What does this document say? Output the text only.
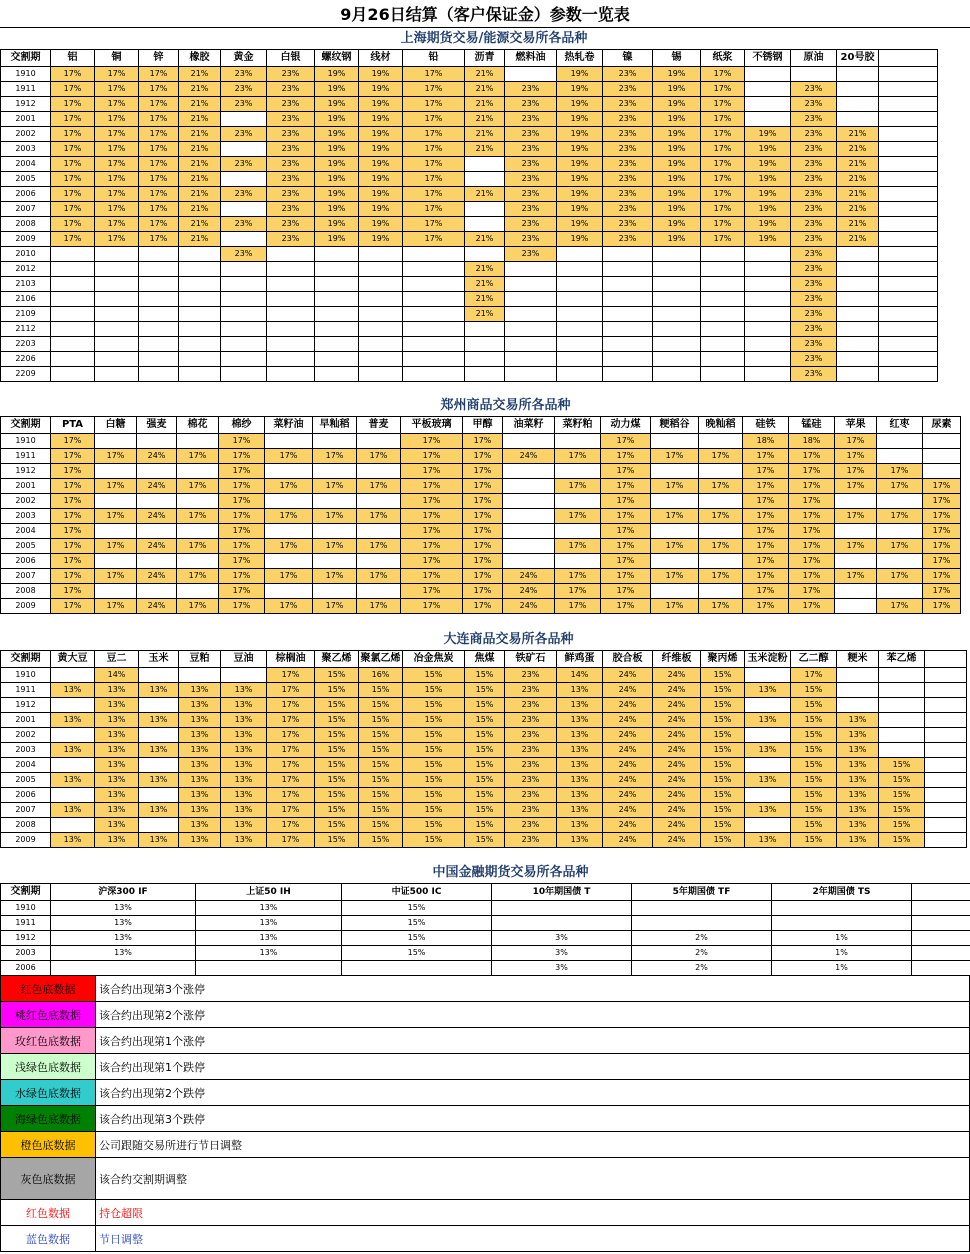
9月26日结算（客户保证金）参数一览表
	上海期货交易/能源交易所各品种																		
交割期	铝	铜	锌	橡胶	黄金	白银	螺纹钢	线材	铅	沥青	燃料油	热轧卷	镍	锡	纸浆	不锈钢	原油	20号胶	
1910	17%	17%	17%	21%	23%	23%	19%	19%	17%	21%		19%	23%	19%	17%				
1911	17%	17%	17%	21%	23%	23%	19%	19%	17%	21%	23%	19%	23%	19%	17%		23%		
1912	17%	17%	17%	21%	23%	23%	19%	19%	17%	21%	23%	19%	23%	19%	17%		23%		
2001	17%	17%	17%	21%		23%	19%	19%	17%	21%	23%	19%	23%	19%	17%		23%		
2002	17%	17%	17%	21%	23%	23%	19%	19%	17%	21%	23%	19%	23%	19%	17%	19%	23%	21%	
2003	17%	17%	17%	21%		23%	19%	19%	17%	21%	23%	19%	23%	19%	17%	19%	23%	21%	
2004	17%	17%	17%	21%	23%	23%	19%	19%	17%		23%	19%	23%	19%	17%	19%	23%	21%	
2005	17%	17%	17%	21%		23%	19%	19%	17%		23%	19%	23%	19%	17%	19%	23%	21%	
2006	17%	17%	17%	21%	23%	23%	19%	19%	17%	21%	23%	19%	23%	19%	17%	19%	23%	21%	
2007	17%	17%	17%	21%		23%	19%	19%	17%		23%	19%	23%	19%	17%	19%	23%	21%	
2008	17%	17%	17%	21%	23%	23%	19%	19%	17%		23%	19%	23%	19%	17%	19%	23%	21%	
2009	17%	17%	17%	21%		23%	19%	19%	17%	21%	23%	19%	23%	19%	17%	19%	23%	21%	
2010					23%						23%						23%		
2012										21%							23%		
2103										21%							23%		
2106										21%							23%		
2109										21%							23%		
2112																	23%		
2203																	23%		
2206																	23%		
2209																	23%		
	郑州商品交易所各品种																			
交割期	PTA	白糖	强麦	棉花	棉纱	菜籽油	早籼稻	普麦	平板玻璃	甲醇	油菜籽	菜籽粕	动力煤	粳稻谷	晚籼稻	硅铁	锰硅	苹果	红枣	尿素
1910	17%				17%				17%	17%			17%			18%	18%	17%		
1911	17%	17%	24%	17%	17%	17%	17%	17%	17%	17%	24%	17%	17%	17%	17%	17%	17%	17%		
1912	17%				17%				17%	17%			17%			17%	17%	17%	17%	
2001	17%	17%	24%	17%	17%	17%	17%	17%	17%	17%		17%	17%	17%	17%	17%	17%	17%	17%	17%
2002	17%				17%				17%	17%			17%			17%	17%			17%
2003	17%	17%	24%	17%	17%	17%	17%	17%	17%	17%		17%	17%	17%	17%	17%	17%	17%	17%	17%
2004	17%				17%				17%	17%			17%			17%	17%			17%
2005	17%	17%	24%	17%	17%	17%	17%	17%	17%	17%		17%	17%	17%	17%	17%	17%	17%	17%	17%
2006	17%				17%				17%	17%			17%			17%	17%			17%
2007	17%	17%	24%	17%	17%	17%	17%	17%	17%	17%	24%	17%	17%	17%	17%	17%	17%	17%	17%	17%
2008	17%				17%				17%	17%	24%	17%	17%			17%	17%			17%
2009	17%	17%	24%	17%	17%	17%	17%	17%	17%	17%	24%	17%	17%	17%	17%	17%	17%		17%	17%
	大连商品交易所各品种																			
交割期	黄大豆	豆二	玉米	豆粕	豆油	棕榈油	聚乙烯	聚氯乙烯	冶金焦炭	焦煤	铁矿石	鲜鸡蛋	胶合板	纤维板	聚丙烯	玉米淀粉	乙二醇	粳米	苯乙烯	
1910		14%				17%	15%	16%	15%	15%	23%	14%	24%	24%	15%		17%			
1911	13%	13%	13%	13%	13%	17%	15%	15%	15%	15%	23%	13%	24%	24%	15%	13%	15%			
1912		13%		13%	13%	17%	15%	15%	15%	15%	23%	13%	24%	24%	15%		15%			
2001	13%	13%	13%	13%	13%	17%	15%	15%	15%	15%	23%	13%	24%	24%	15%	13%	15%	13%		
2002		13%		13%	13%	17%	15%	15%	15%	15%	23%	13%	24%	24%	15%		15%	13%		
2003	13%	13%	13%	13%	13%	17%	15%	15%	15%	15%	23%	13%	24%	24%	15%	13%	15%	13%		
2004		13%		13%	13%	17%	15%	15%	15%	15%	23%	13%	24%	24%	15%		15%	13%	15%	
2005	13%	13%	13%	13%	13%	17%	15%	15%	15%	15%	23%	13%	24%	24%	15%	13%	15%	13%	15%	
2006		13%		13%	13%	17%	15%	15%	15%	15%	23%	13%	24%	24%	15%		15%	13%	15%	
2007	13%	13%	13%	13%	13%	17%	15%	15%	15%	15%	23%	13%	24%	24%	15%	13%	15%	13%	15%	
2008		13%		13%	13%	17%	15%	15%	15%	15%	23%	13%	24%	24%	15%		15%	13%	15%	
2009	13%	13%	13%	13%	13%	17%	15%	15%	15%	15%	23%	13%	24%	24%	15%	13%	15%	13%	15%	
	中国金融期货交易所各品种						
交割期	沪深300 IF	上证50 IH	中证500 IC	10年期国债 T	5年期国债 TF	2年期国债 TS	
1910	13%	13%	15%				
1911	13%	13%	15%				
1912	13%	13%	15%	3%	2%	1%	
2003	13%	13%	15%	3%	2%	1%	
2006				3%	2%	1%	
红色底数据	该合约出现第3个涨停
桃红色底数据	该合约出现第2个涨停
玫红色底数据	该合约出现第1个涨停
浅绿色底数据	该合约出现第1个跌停
水绿色底数据	该合约出现第2个跌停
海绿色底数据	该合约出现第3个跌停
橙色底数据	公司跟随交易所进行节日调整
灰色底数据	该合约交割期调整
红色数据	持仓超限
蓝色数据	节日调整
